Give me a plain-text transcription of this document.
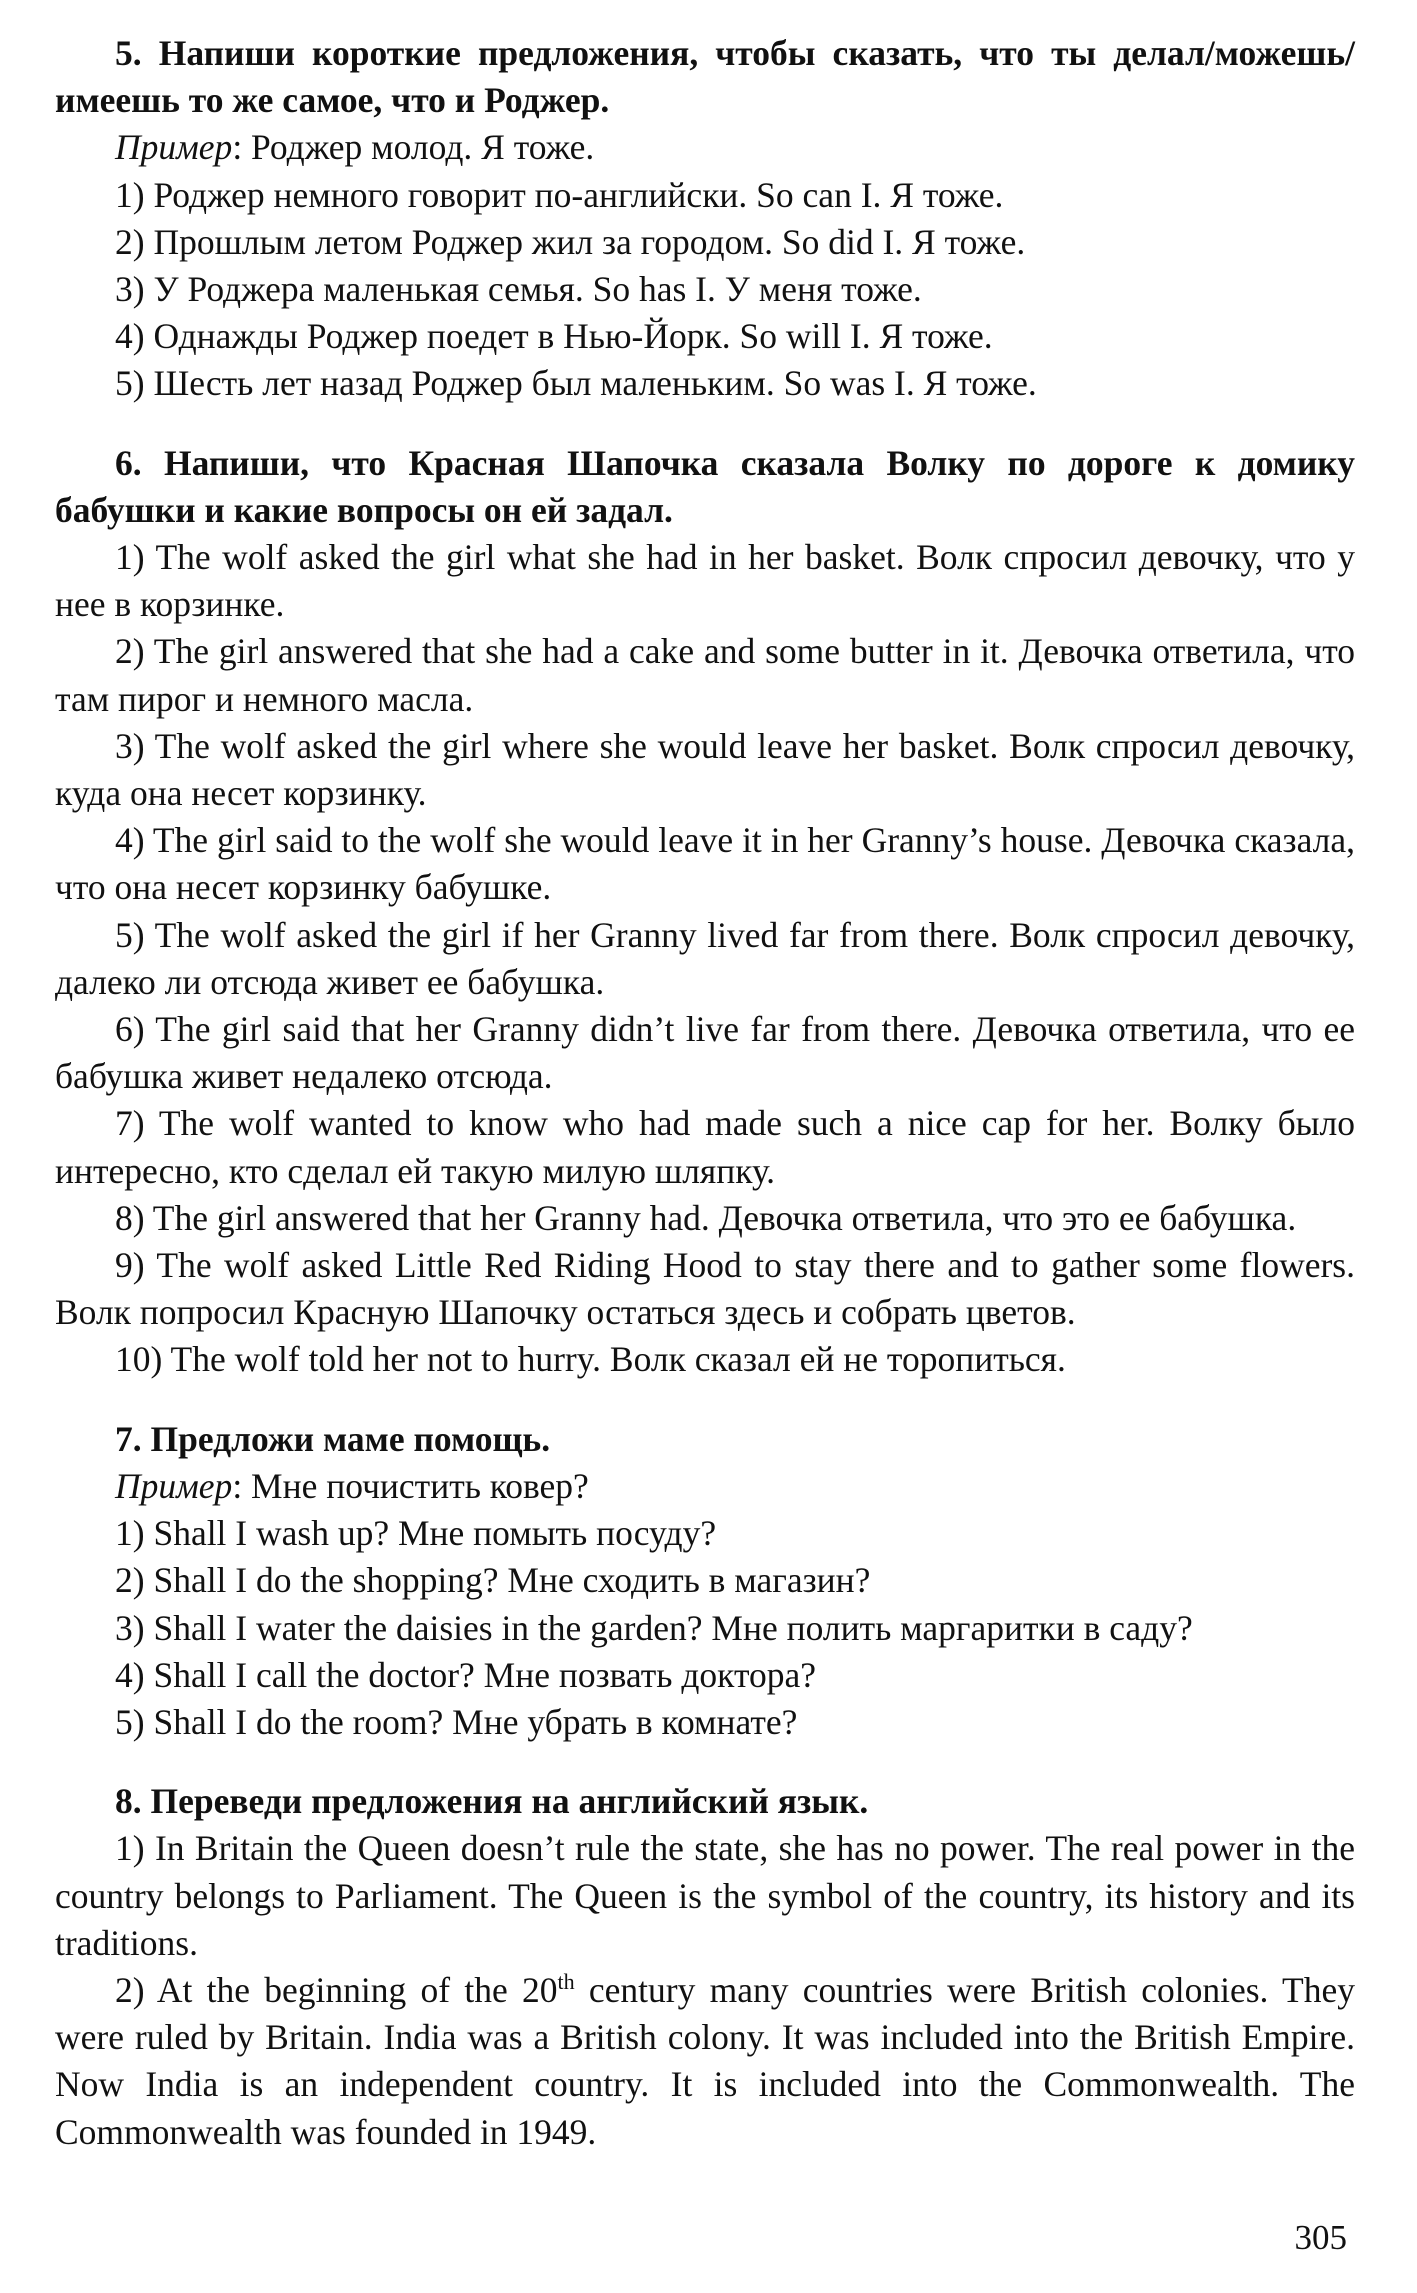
5. Напиши короткие предложения, чтобы сказать, что ты делал/можешь/имеешь то же самое, что и Роджер.

Пример: Роджер молод. Я тоже.

1) Роджер немного говорит по-английски. So can I. Я тоже.

2) Прошлым летом Роджер жил за городом. So did I. Я тоже.

3) У Роджера маленькая семья. So has I. У меня тоже.

4) Однажды Роджер поедет в Нью-Йорк. So will I. Я тоже.

5) Шесть лет назад Роджер был маленьким. So was I. Я тоже.

6. Напиши, что Красная Шапочка сказала Волку по дороге к домику бабушки и какие вопросы он ей задал.

1) The wolf asked the girl what she had in her basket. Волк спросил девочку, что у нее в корзинке.

2) The girl answered that she had a cake and some butter in it. Девочка ответила, что там пирог и немного масла.

3) The wolf asked the girl where she would leave her basket. Волк спросил девочку, куда она несет корзинку.

4) The girl said to the wolf she would leave it in her Granny’s house. Девочка сказала, что она несет корзинку бабушке.

5) The wolf asked the girl if her Granny lived far from there. Волк спросил девочку, далеко ли отсюда живет ее бабушка.

6) The girl said that her Granny didn’t live far from there. Девочка ответила, что ее бабушка живет недалеко отсюда.

7) The wolf wanted to know who had made such a nice cap for her. Волку было интересно, кто сделал ей такую милую шляпку.

8) The girl answered that her Granny had. Девочка ответила, что это ее бабушка.

9) The wolf asked Little Red Riding Hood to stay there and to gather some flowers. Волк попросил Красную Шапочку остаться здесь и собрать цветов.

10) The wolf told her not to hurry. Волк сказал ей не торопиться.

7. Предложи маме помощь.

Пример: Мне почистить ковер?

1) Shall I wash up? Мне помыть посуду?

2) Shall I do the shopping? Мне сходить в магазин?

3) Shall I water the daisies in the garden? Мне полить маргаритки в саду?

4) Shall I call the doctor? Мне позвать доктора?

5) Shall I do the room? Мне убрать в комнате?

8. Переведи предложения на английский язык.

1) In Britain the Queen doesn’t rule the state, she has no power. The real power in the country belongs to Parliament. The Queen is the symbol of the country, its history and its traditions.

2) At the beginning of the 20th century many countries were British colonies. They were ruled by Britain. India was a British colony. It was included into the British Empire. Now India is an independent country. It is included into the Commonwealth. The Commonwealth was founded in 1949.

305
